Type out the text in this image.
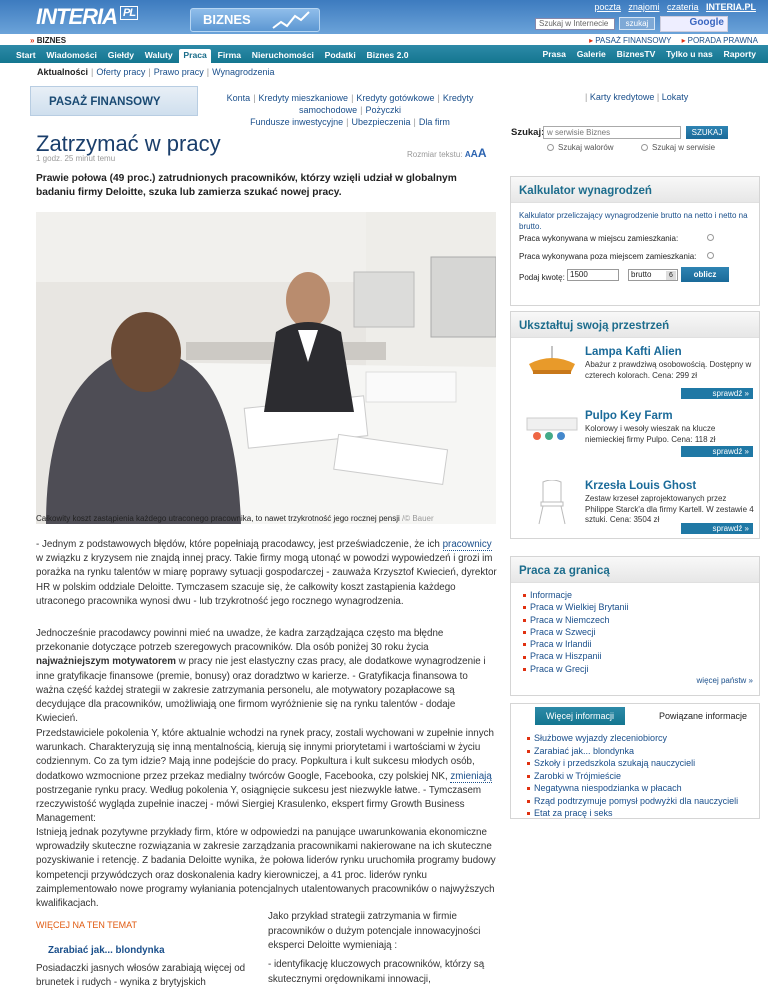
INTERIA $^{PL}$	BIZNES
poczta znajomi czateria INTERIA.PL
Szukaj w Internecie	szukaj	Google
» BIZNES	▸ PASAŻ FINANSOWY ▸ PORADA PRAWNA
Start Wiadomości Giełdy Waluty Praca Firma Nieruchomości Podatki Biznes 2.0	Prasa Galerie BiznesTV Tylko u nas Raporty
Aktualności | Oferty pracy | Prawo pracy | Wynagrodzenia
PASAŻ FINANSOWY	Konta | Kredyty mieszkaniowe | Kredyty gotówkowe | Kredyty samochodowe | Pożyczki
Fundusze inwestycyjne | Ubezpieczenia | Dla firm
| Karty kredytowe | Lokaty
Rozmiar tekstu: AAA
Zatrzymać w pracy
1 godz. 25 minut temu
Prawie połowa (49 proc.) zatrudnionych pracowników, którzy wzięli udział w globalnym badaniu firmy Deloitte, szuka lub zamierza szukać nowej pracy.
Całkowity koszt zastąpienia każdego utraconego pracownika, to nawet trzykrotność jego rocznej pensji /© Bauer
- Jednym z podstawowych błędów, które popełniają pracodawcy, jest przeświadczenie, że ich pracownicy w związku z kryzysem nie znajdą innej pracy. Takie firmy mogą utonąć w powodzi wypowiedzeń i grozi im porażka na rynku talentów w miarę poprawy sytuacji gospodarczej - zauważa Krzysztof Kwiecień, dyrektor HR w polskim oddziale Deloitte. Tymczasem szacuje się, że całkowity koszt zastąpienia każdego utraconego pracownika wynosi dwu - lub trzykrotność jego rocznego wynagrodzenia.
Jednocześnie pracodawcy powinni mieć na uwadze, że kadra zarządzająca często ma błędne przekonanie dotyczące potrzeb szeregowych pracowników. Dla osób poniżej 30 roku życia najważniejszym motywatorem w pracy nie jest elastyczny czas pracy, ale dodatkowe wynagrodzenie i inne gratyfikacje finansowe (premie, bonusy) oraz doradztwo w karierze. - Gratyfikacja finansowa to ważna część każdej strategii w zakresie zatrzymania personelu, ale motywatory pozapłacowe są decydujące dla pracowników, umożliwiają one firmom wyróżnienie się na rynku talentów - dodaje Kwiecień.
Przedstawiciele pokolenia Y, które aktualnie wchodzi na rynek pracy, zostali wychowani w zupełnie innych warunkach. Charakteryzują się inną mentalnością, kierują się innymi priorytetami i wartościami w życiu codziennym. Co za tym idzie? Mają inne podejście do pracy. Popkultura i kult sukcesu młodych osób, dodatkowo wzmocnione przez przekaz medialny twórców Google, Facebooka, czy polskiej NK, zmieniają postrzeganie rynku pracy. Według pokolenia Y, osiągnięcie sukcesu jest niezwykle łatwe. - Tymczasem rzeczywistość wygląda zupełnie inaczej - mówi Siergiej Krasulenko, ekspert firmy Growth Business Management:
Istnieją jednak pozytywne przykłady firm, które w odpowiedzi na panujące uwarunkowania ekonomiczne wprowadziły skuteczne rozwiązania w zakresie zarządzania pracownikami nakierowane na ich skuteczne pozyskiwanie i retencję. Z badania Deloitte wynika, że połowa liderów rynku uruchomiła programy budowy kompetencji przywódczych oraz doskonalenia kadry kierowniczej, a 41 proc. liderów rynku zaimplementowało nowe programy wyłaniania potencjalnych utalentowanych pracowników o najwyższych kwalifikacjach.
WIĘCEJ NA TEN TEMAT
Zarabiać jak... blondynka
Posiadaczki jasnych włosów zarabiają więcej od brunetek i rudych - wynika z brytyjskich
Jako przykład strategii zatrzymania w firmie pracowników o dużym potencjale innowacyjności eksperci Deloitte wymieniają :
- identyfikację kluczowych pracowników, którzy są skutecznymi orędownikami innowacji,
Szukaj: w serwisie Biznes	SZUKAJ
Szukaj walorów	Szukaj w serwisie
Kalkulator wynagrodzeń
Kalkulator przeliczający wynagrodzenie brutto na netto i netto na brutto.
Praca wykonywana w miejscu zamieszkania:
Praca wykonywana poza miejscem zamieszkania:
Podaj kwotę: 1500	brutto	6	oblicz
Ukształtuj swoją przestrzeń
Lampa Kafti Alien
Abażur z prawdziwą osobowością. Dostępny w czterech kolorach. Cena: 299 zł
sprawdź »
Pulpo Key Farm
Kolorowy i wesoły wieszak na klucze niemieckiej firmy Pulpo. Cena: 118 zł
sprawdź »
Krzesła Louis Ghost
Zestaw krzeseł zaprojektowanych przez Philippe Starck'a dla firmy Kartell. W zestawie 4 sztuki. Cena: 3504 zł
sprawdź »
Praca za granicą
Informacje
Praca w Wielkiej Brytanii
Praca w Niemczech
Praca w Szwecji
Praca w Irlandii
Praca w Hiszpanii
Praca w Grecji
więcej państw »
Więcej informacji	Powiązane informacje
Służbowe wyjazdy zleceniobiorcy
Zarabiać jak... blondynka
Szkoły i przedszkola szukają nauczycieli
Zarobki w Trójmieście
Negatywna niespodzianka w płacach
Rząd podtrzymuje pomysł podwyżki dla nauczycieli
Etat za pracę i seks
